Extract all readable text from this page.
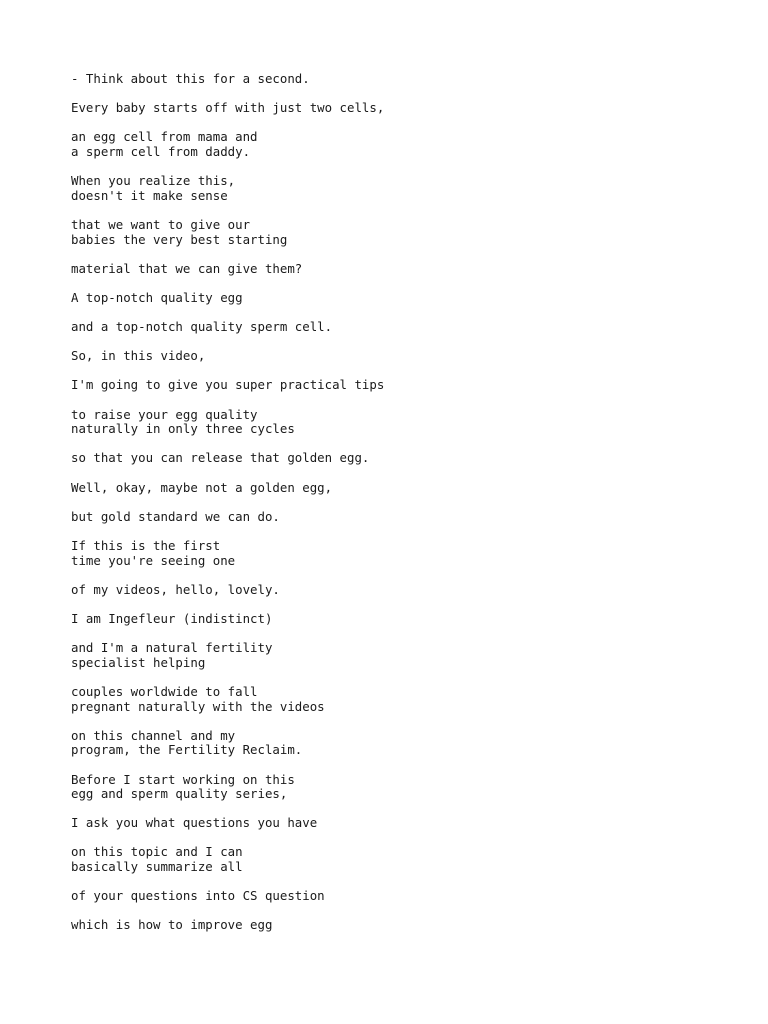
- Think about this for a second.
Every baby starts off with just two cells,
an egg cell from mama and
a sperm cell from daddy.
When you realize this,
doesn't it make sense
that we want to give our
babies the very best starting
material that we can give them?
A top-notch quality egg
and a top-notch quality sperm cell.
So, in this video,
I'm going to give you super practical tips
to raise your egg quality
naturally in only three cycles
so that you can release that golden egg.
Well, okay, maybe not a golden egg,
but gold standard we can do.
If this is the first
time you're seeing one
of my videos, hello, lovely.
I am Ingefleur (indistinct)
and I'm a natural fertility
specialist helping
couples worldwide to fall
pregnant naturally with the videos
on this channel and my
program, the Fertility Reclaim.
Before I start working on this
egg and sperm quality series,
I ask you what questions you have
on this topic and I can
basically summarize all
of your questions into CS question
which is how to improve egg
